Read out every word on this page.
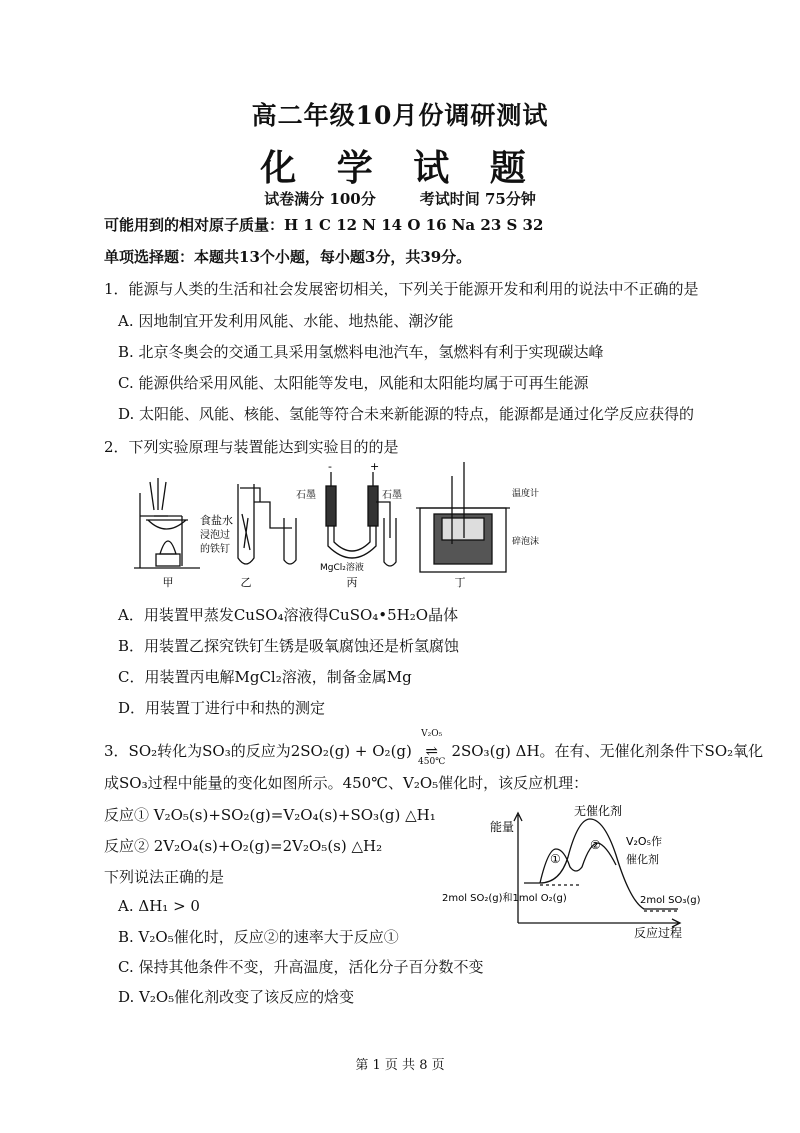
高二年级10月份调研测试
化 学 试 题
试卷满分 100分	考试时间 75分钟
可能用到的相对原子质量：H 1 C 12 N 14 O 16 Na 23 S 32
单项选择题：本题共13个小题，每小题3分，共39分。
1．能源与人类的生活和社会发展密切相关，下列关于能源开发和利用的说法中不正确的是
A. 因地制宜开发利用风能、水能、地热能、潮汐能
B. 北京冬奥会的交通工具采用氢燃料电池汽车，氢燃料有利于实现碳达峰
C. 能源供给采用风能、太阳能等发电，风能和太阳能均属于可再生能源
D. 太阳能、风能、核能、氢能等符合未来新能源的特点，能源都是通过化学反应获得的
2．下列实验原理与装置能达到实验目的的是
甲
食盐水
浸泡过
的铁钉
乙
-	+
石墨	石墨
MgCl₂溶液
丙
温度计
碎泡沫
丁
A．用装置甲蒸发CuSO₄溶液得CuSO₄•5H₂O晶体
B．用装置乙探究铁钉生锈是吸氧腐蚀还是析氢腐蚀
C．用装置丙电解MgCl₂溶液，制备金属Mg
D．用装置丁进行中和热的测定
3．SO₂转化为SO₃的反应为2SO₂(g) + O₂(g)
V₂O₅
⇌
450℃
2SO₃(g) ΔH。在有、无催化剂条件下SO₂氧化
成SO₃过程中能量的变化如图所示。450℃、V₂O₅催化时，该反应机理：
反应① V₂O₅(s)+SO₂(g)=V₂O₄(s)+SO₃(g) △H₁
反应② 2V₂O₄(s)+O₂(g)=2V₂O₅(s) △H₂
下列说法正确的是
A. ΔH₁ > 0
B. V₂O₅催化时，反应②的速率大于反应①
C. 保持其他条件不变，升高温度，活化分子百分数不变
D. V₂O₅催化剂改变了该反应的焓变
能量
反应过程
无催化剂
V₂O₅作
催化剂
①
②
2mol SO₂(g)和1mol O₂(g)	2mol SO₃(g)
第 1 页 共 8 页
